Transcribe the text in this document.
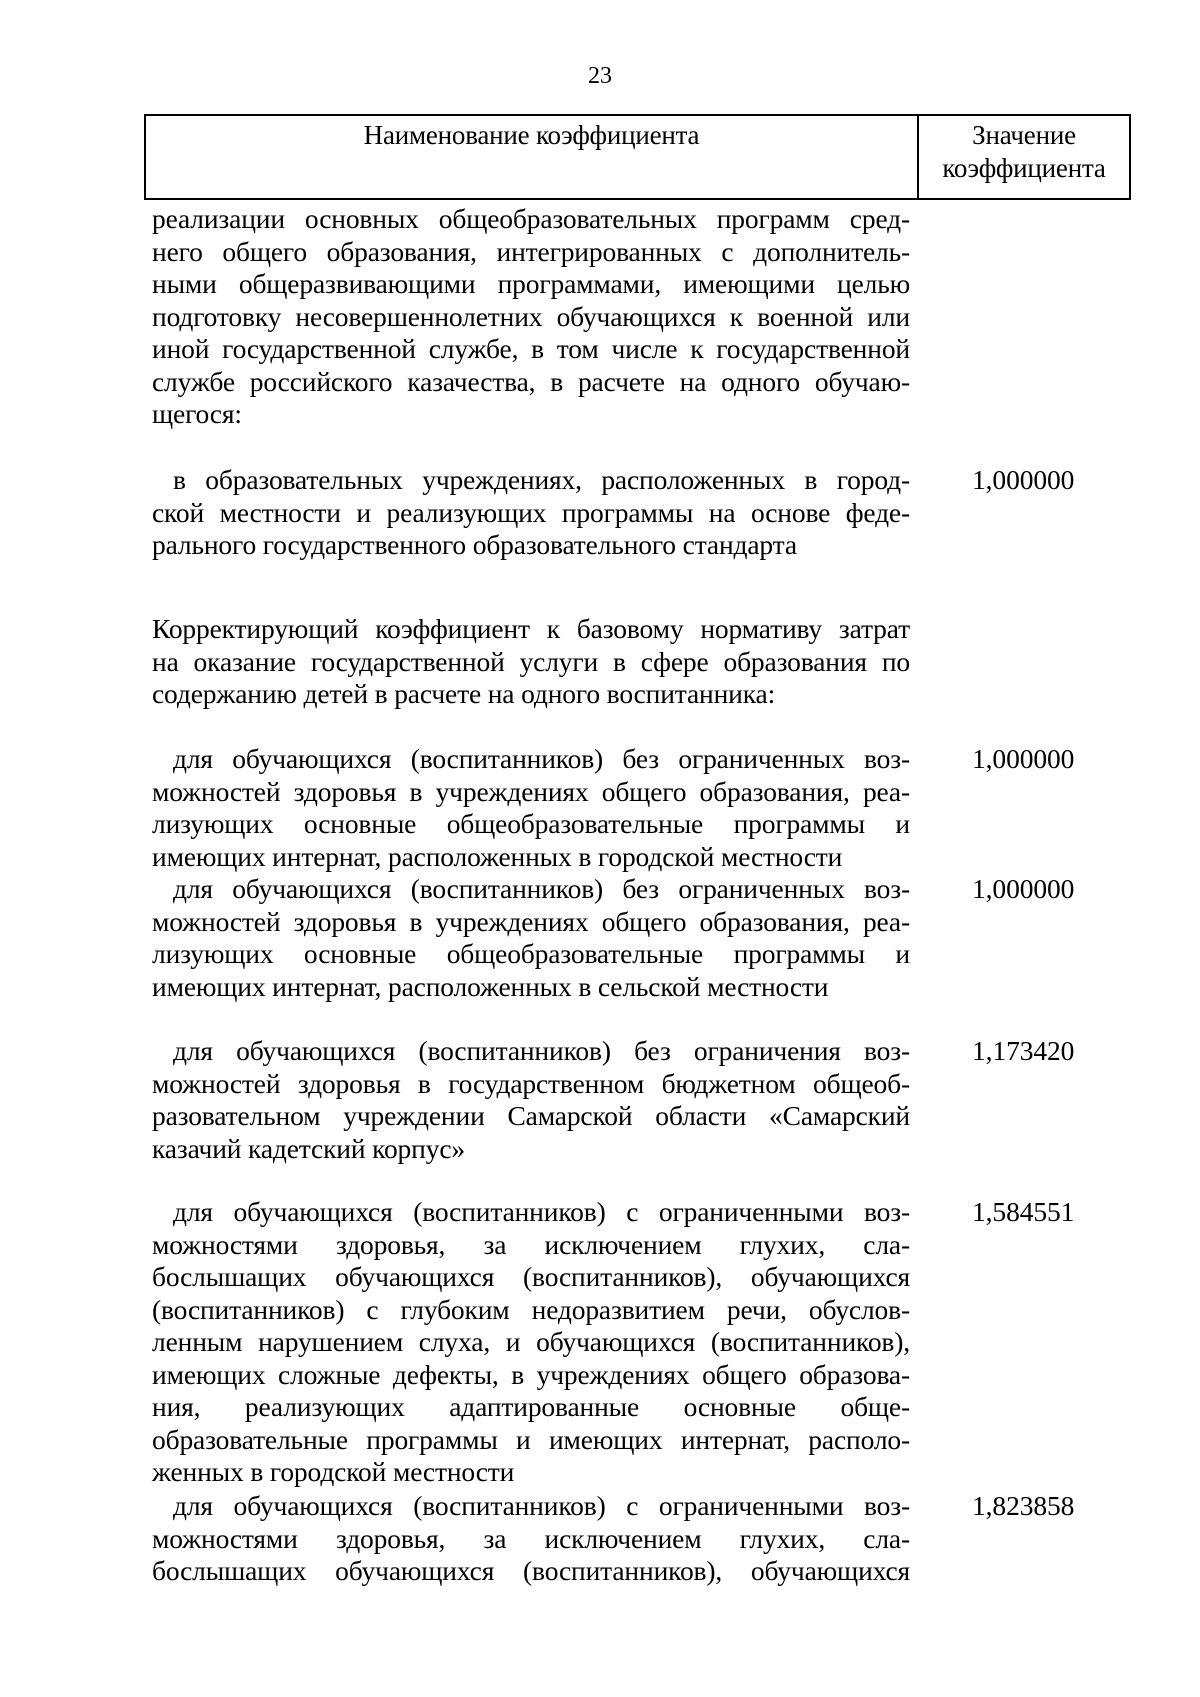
23
Наименование коэффициента	Значение
коэффициента
реализации основных общеобразовательных программ сред-
него общего образования, интегрированных с дополнитель-
ными общеразвивающими программами, имеющими целью
подготовку несовершеннолетних обучающихся к военной или
иной государственной службе, в том числе к государственной
службе российского казачества, в расчете на одного обучаю-
щегося:
в образовательных учреждениях, расположенных в город-
ской местности и реализующих программы на основе феде-
рального государственного образовательного стандарта
1,000000
Корректирующий коэффициент к базовому нормативу затрат
на оказание государственной услуги в сфере образования по
содержанию детей в расчете на одного воспитанника:
для обучающихся (воспитанников) без ограниченных воз-
можностей здоровья в учреждениях общего образования, реа-
лизующих основные общеобразовательные программы и
имеющих интернат, расположенных в городской местности
1,000000
для обучающихся (воспитанников) без ограниченных воз-
можностей здоровья в учреждениях общего образования, реа-
лизующих основные общеобразовательные программы и
имеющих интернат, расположенных в сельской местности
1,000000
для обучающихся (воспитанников) без ограничения воз-
можностей здоровья в государственном бюджетном общеоб-
разовательном учреждении Самарской области «Самарский
казачий кадетский корпус»
1,173420
для обучающихся (воспитанников) с ограниченными воз-
можностями здоровья, за исключением глухих, сла-
бослышащих обучающихся (воспитанников), обучающихся
(воспитанников) с глубоким недоразвитием речи, обуслов-
ленным нарушением слуха, и обучающихся (воспитанников),
имеющих сложные дефекты, в учреждениях общего образова-
ния, реализующих адаптированные основные обще-
образовательные программы и имеющих интернат, располо-
женных в городской местности
1,584551
для обучающихся (воспитанников) с ограниченными воз-
можностями здоровья, за исключением глухих, сла-
бослышащих обучающихся (воспитанников), обучающихся
1,823858
